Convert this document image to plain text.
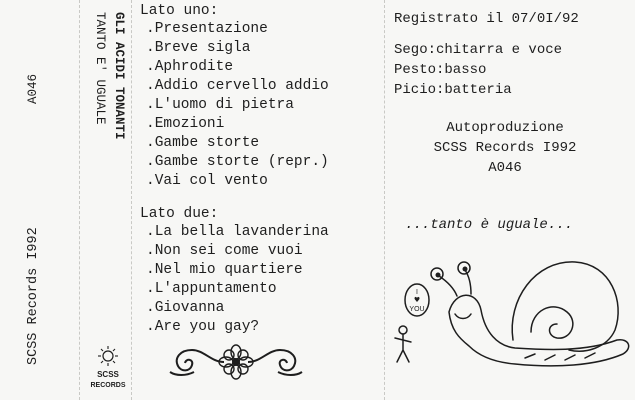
A046
SCSS Records I992
GLI ACIDI TONANTI
TANTO E' UGUALE
SCSS
RECORDS

Lato uno:

. Presentazione

. Breve sigla

. Aphrodite

. Addio cervello addio

. L'uomo di pietra

. Emozioni

. Gambe storte

. Gambe storte (repr.)

. Vai col vento

Lato due:

. La bella lavanderina

. Non sei come vuoi

. Nel mio quartiere

. L'appuntamento

. Giovanna

. Are you gay?

Registrato il 07/0I/92

Sego:chitarra e voce

Pesto:basso

Picio:batteria

Autoproduzione

SCSS Records I992

A046

...tanto è uguale...

I
♥
YOU
